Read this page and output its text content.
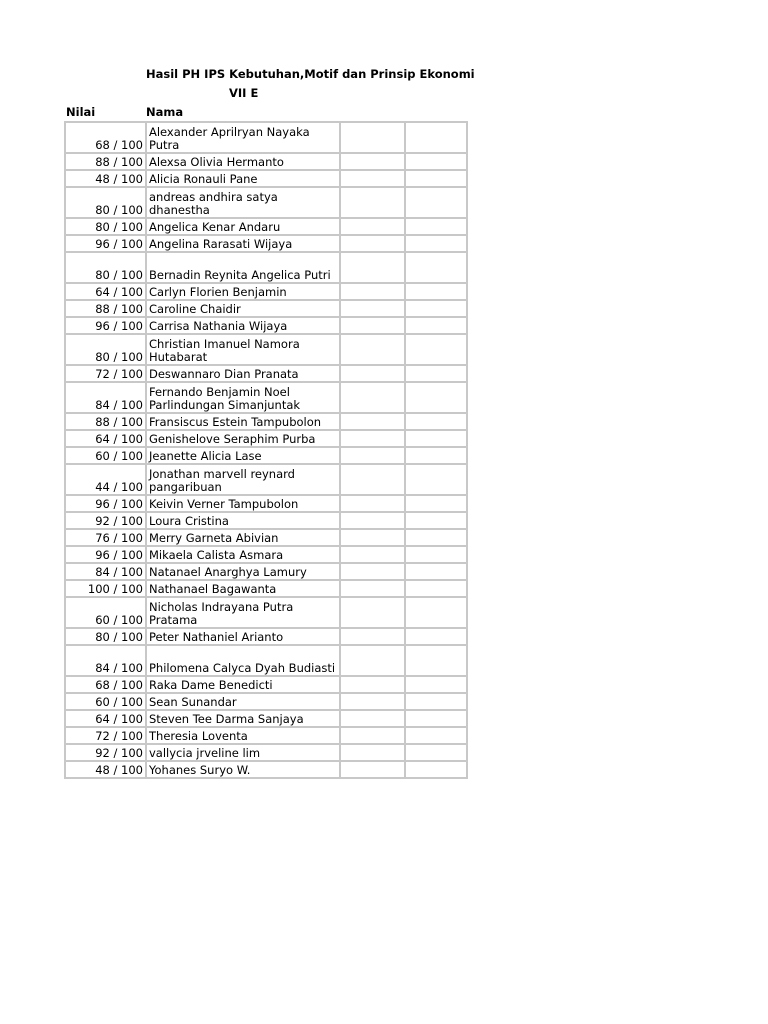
Hasil PH IPS Kebutuhan,Motif dan Prinsip Ekonomi
VII E
Nilai	Nama
68 / 100	Alexander Aprilryan Nayaka Putra		
88 / 100	Alexsa Olivia Hermanto		
48 / 100	Alicia Ronauli Pane		
80 / 100	andreas andhira satya dhanestha		
80 / 100	Angelica Kenar Andaru		
96 / 100	Angelina Rarasati Wijaya		
80 / 100	Bernadin Reynita Angelica Putri		
64 / 100	Carlyn Florien Benjamin		
88 / 100	Caroline Chaidir		
96 / 100	Carrisa Nathania Wijaya		
80 / 100	Christian Imanuel Namora Hutabarat		
72 / 100	Deswannaro Dian Pranata		
84 / 100	Fernando Benjamin Noel Parlindungan Simanjuntak		
88 / 100	Fransiscus Estein Tampubolon		
64 / 100	Genishelove Seraphim Purba		
60 / 100	Jeanette Alicia Lase		
44 / 100	Jonathan marvell reynard pangaribuan		
96 / 100	Keivin Verner Tampubolon		
92 / 100	Loura Cristina		
76 / 100	Merry Garneta Abivian		
96 / 100	Mikaela Calista Asmara		
84 / 100	Natanael Anarghya Lamury		
100 / 100	Nathanael Bagawanta		
60 / 100	Nicholas Indrayana Putra Pratama		
80 / 100	Peter Nathaniel Arianto		
84 / 100	Philomena Calyca Dyah Budiasti		
68 / 100	Raka Dame Benedicti		
60 / 100	Sean Sunandar		
64 / 100	Steven Tee Darma Sanjaya		
72 / 100	Theresia Loventa		
92 / 100	vallycia jrveline lim		
48 / 100	Yohanes Suryo W.		
